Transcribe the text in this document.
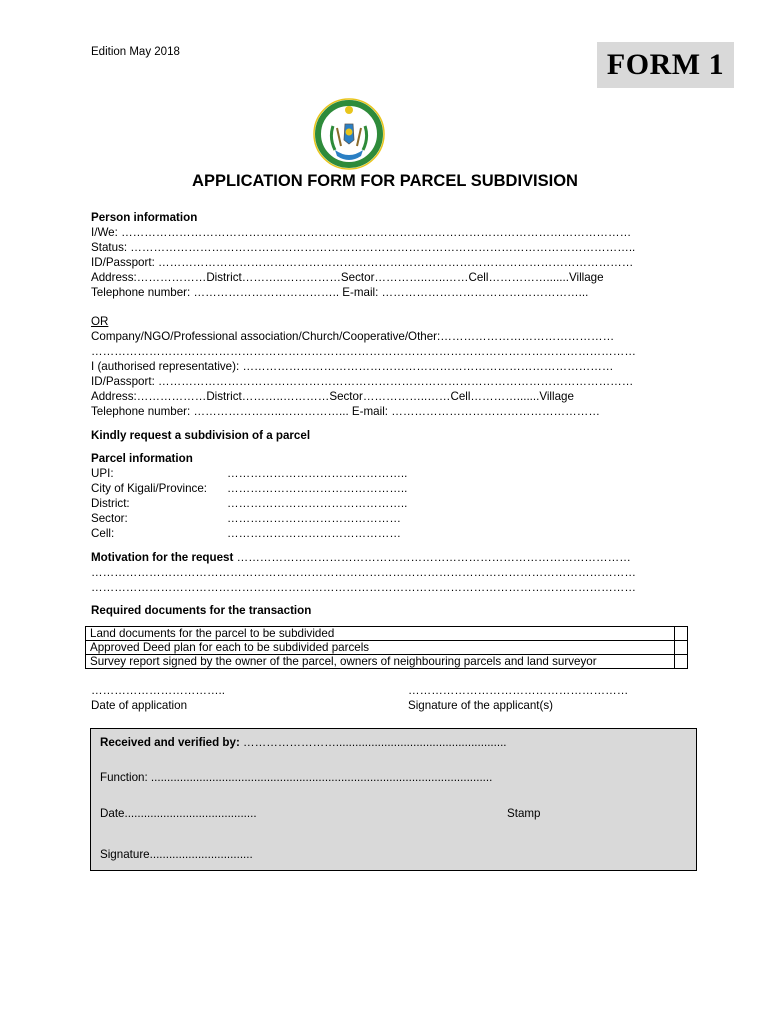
Edition May 2018	FORM 1
APPLICATION FORM FOR PARCEL SUBDIVISION
Person information
I/We: ……………………………………………………………………………………………………………………
Status: …………………………………………………………………………………………………………………..
ID/Passport: ……………………………………………………………………………………………………………
Address:………………District………..……………Sector…………..…..……Cell…………….......Village
Telephone number: ……………………………….. E-mail: ……………………………………………...
OR
Company/NGO/Professional association/Church/Cooperative/Other:………………………………………
……………………………………………………………………………………………………………………………
I (authorised representative): ……………………………………………………………………………………
ID/Passport: ……………………………………………………………………………………………………………
Address:………………District………..…………Sector……………..……Cell………….......Village
Telephone number: …………………..……………... E-mail: ………………………………………………
Kindly request a subdivision of a parcel
Parcel information
UPI:	………………………………………..
City of Kigali/Province: ………………………………………..
District:	………………………………………..
Sector:	………………………………………
Cell:	………………………………………
Motivation for the request …………………………………………………………………………………………
……………………………………………………………………………………………………………………………
……………………………………………………………………………………………………………………………
Required documents for the transaction
Land documents for the parcel to be subdivided	
Approved Deed plan for each to be subdivided parcels	
Survey report signed by the owner of the parcel, owners of neighbouring parcels and land surveyor	
……………………………..
Date of application
…………………………………………………
Signature of the applicant(s)
Received and verified by: …………………….....................................................
Function: ..........................................................................................................
Date.........................................	Stamp
Signature................................
